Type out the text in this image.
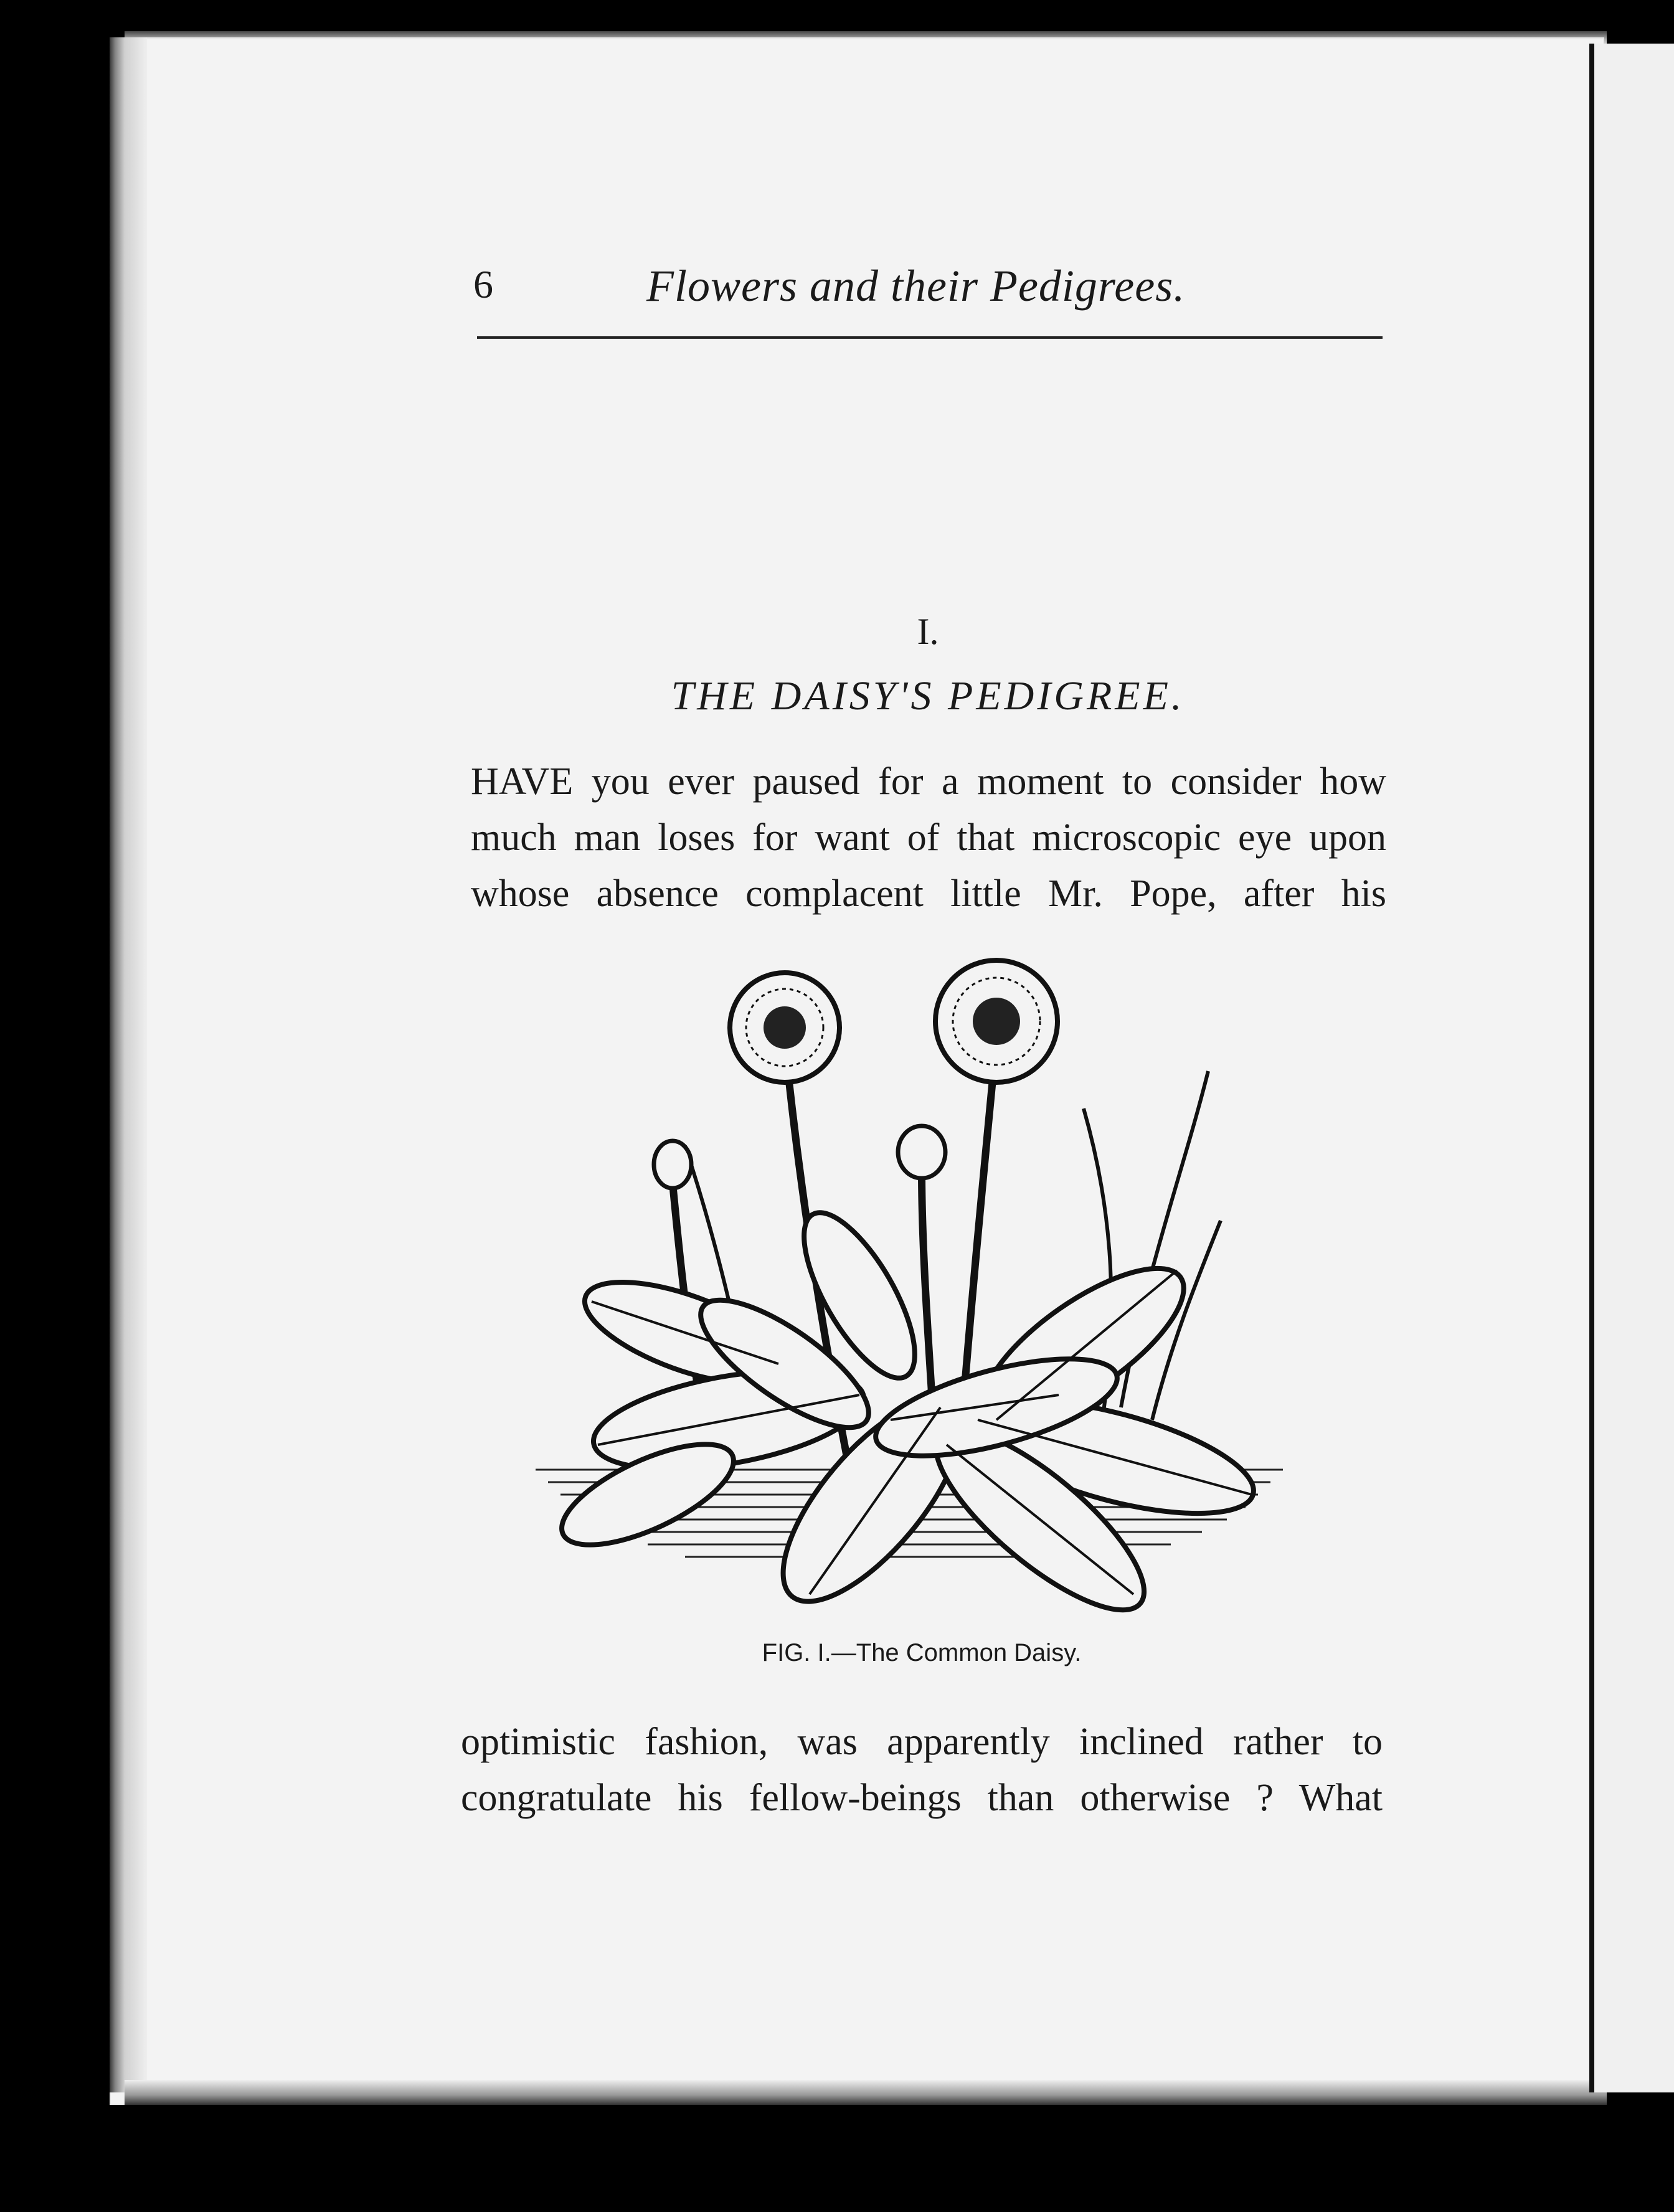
6	Flowers and their Pedigrees.
I.
THE DAISY'S PEDIGREE.
HAVE you ever paused for a moment to consider how
much man loses for want of that microscopic eye upon
whose absence complacent little Mr. Pope, after his
FIG. I.—The Common Daisy.
optimistic fashion, was apparently inclined rather to
congratulate his fellow-beings than otherwise ? What
